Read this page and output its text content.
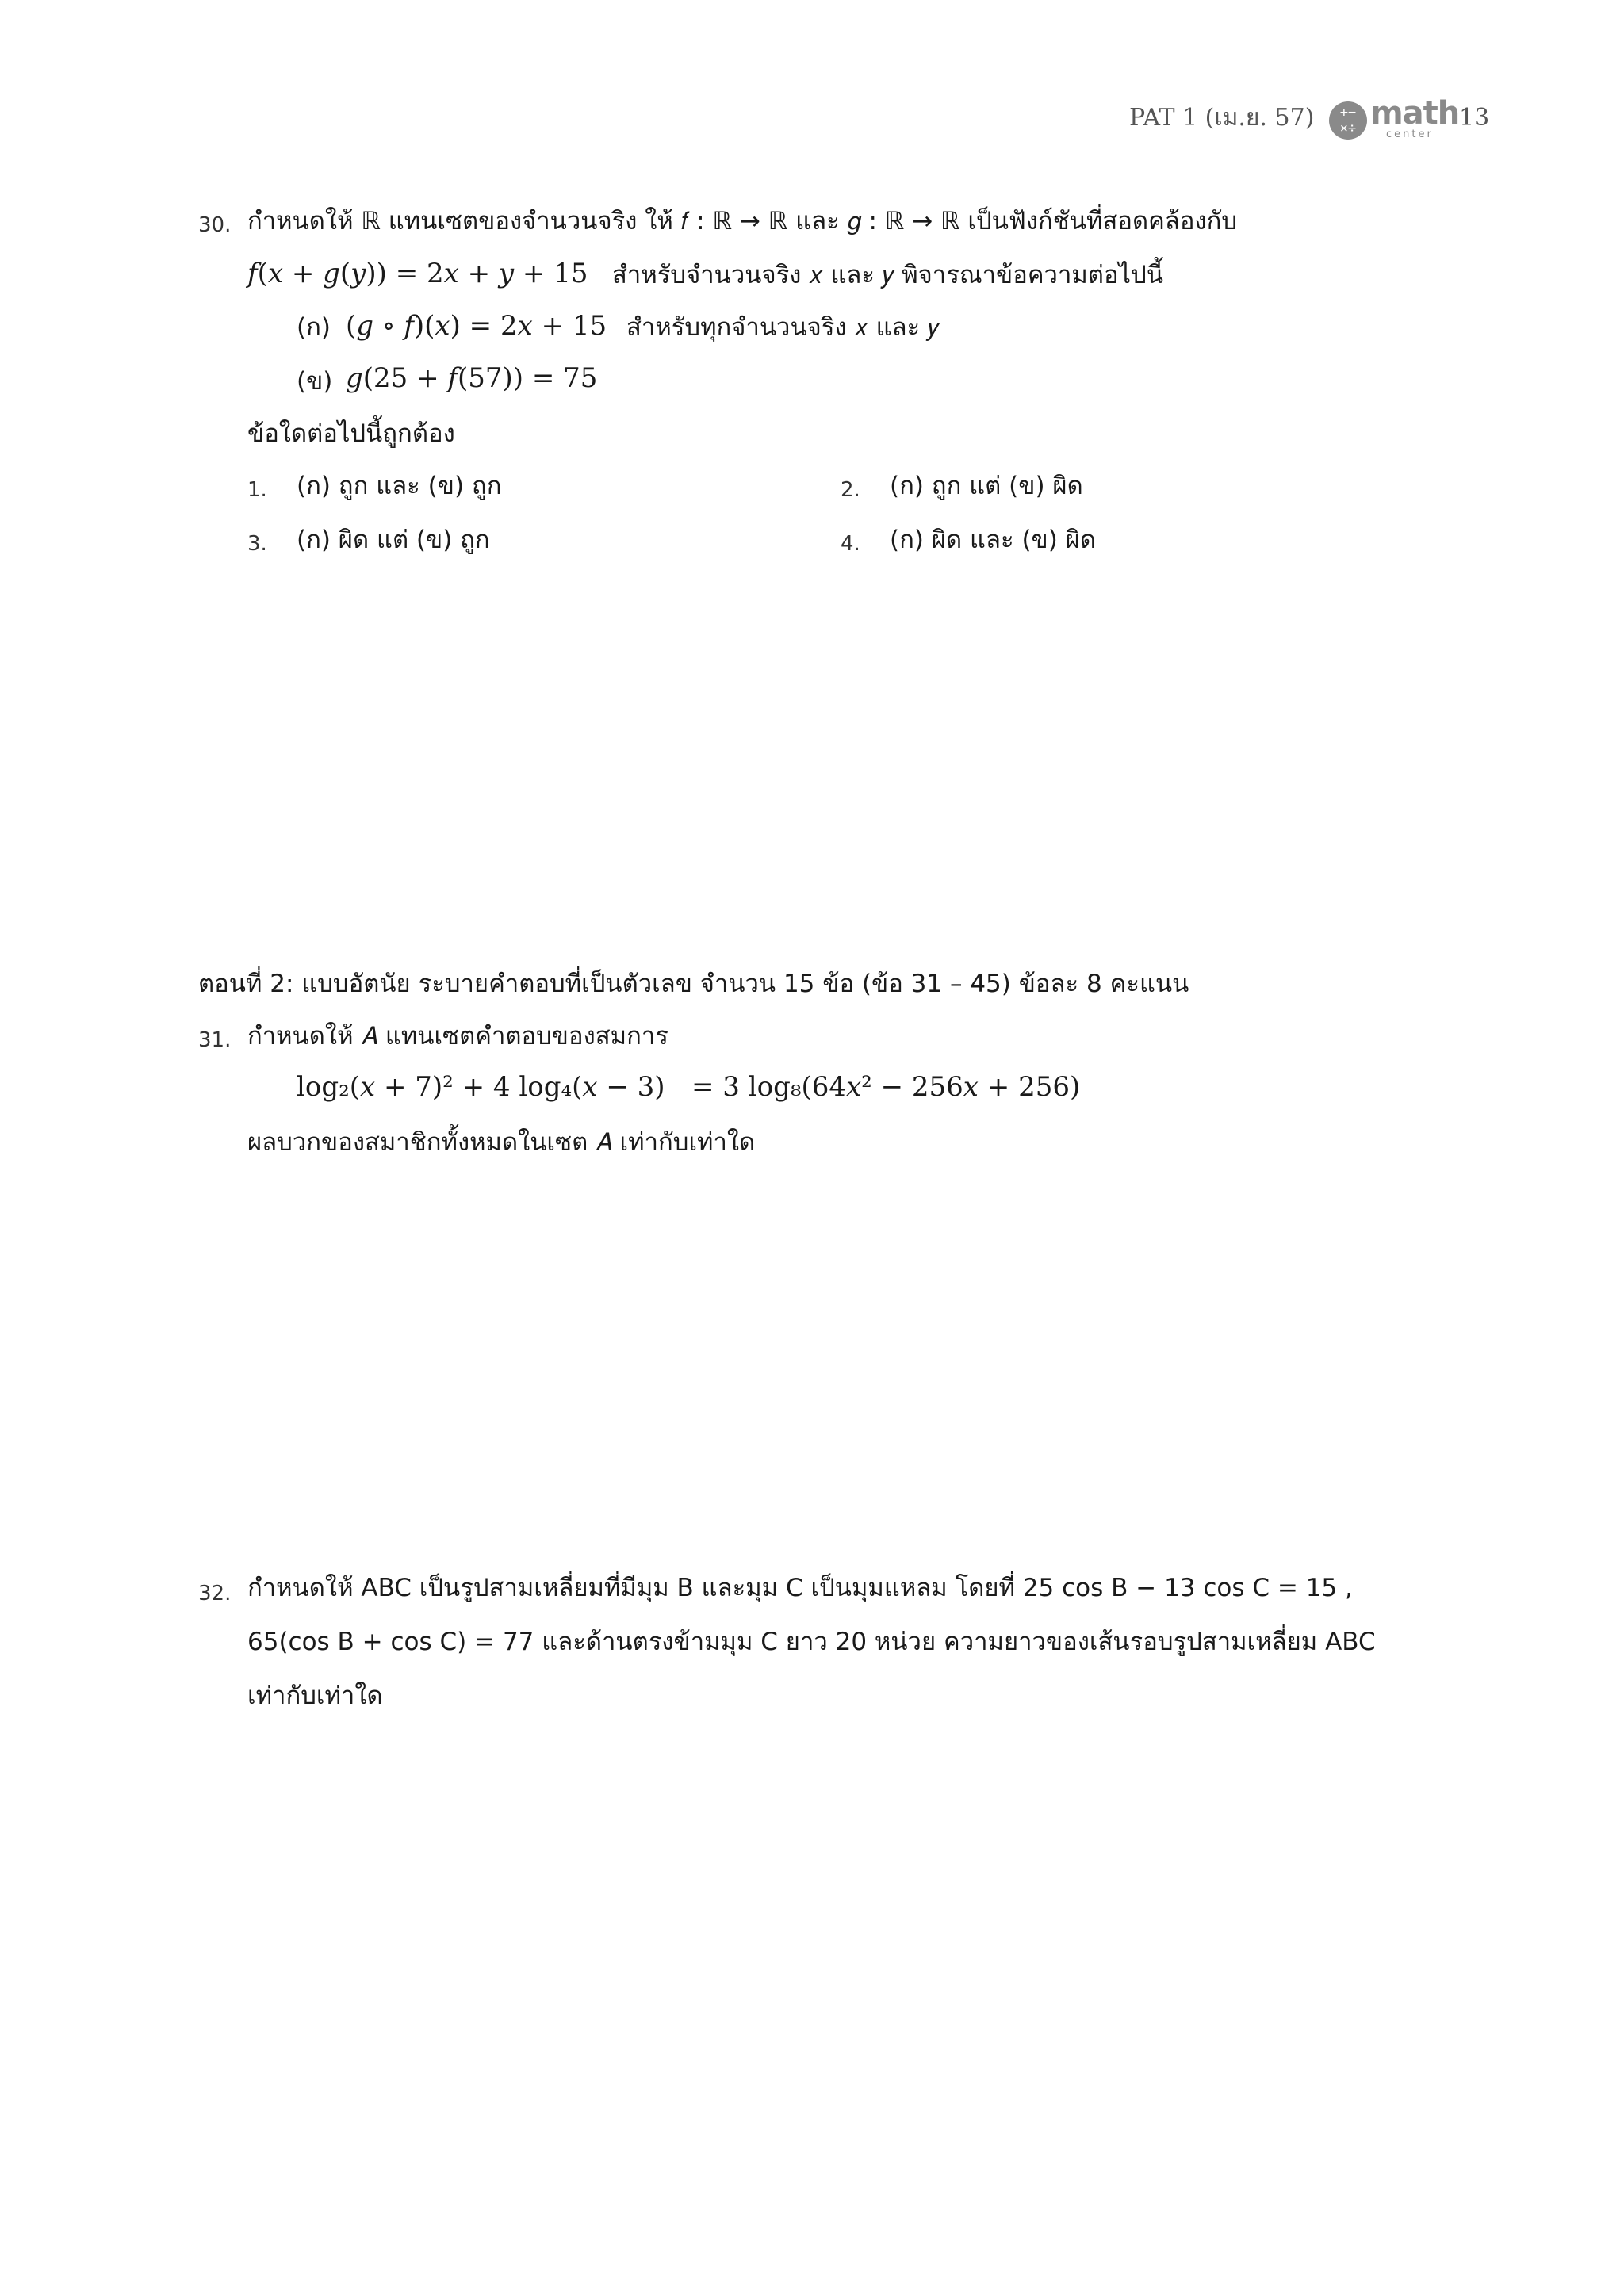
PAT 1 (เม.ย. 57)	+− ×÷ math
center
13
30. กำหนดให้ ℝ แทนเซตของจำนวนจริง ให้ 𝑓 : ℝ → ℝ และ 𝑔 : ℝ → ℝ เป็นฟังก์ชันที่สอดคล้องกับ
𝑓(𝑥 + 𝑔(𝑦)) = 2𝑥 + 𝑦 + 15 สำหรับจำนวนจริง 𝑥 และ 𝑦 พิจารณาข้อความต่อไปนี้
(ก) (𝑔 ∘ 𝑓)(𝑥) = 2𝑥 + 15 สำหรับทุกจำนวนจริง 𝑥 และ 𝑦
(ข) 𝑔(25 + 𝑓(57)) = 75
ข้อใดต่อไปนี้ถูกต้อง
1. (ก) ถูก และ (ข) ถูก	2. (ก) ถูก แต่ (ข) ผิด
3. (ก) ผิด แต่ (ข) ถูก	4. (ก) ผิด และ (ข) ผิด
ตอนที่ 2: แบบอัตนัย ระบายคำตอบที่เป็นตัวเลข จำนวน 15 ข้อ (ข้อ 31 – 45) ข้อละ 8 คะแนน
31. กำหนดให้ 𝐴 แทนเซตคำตอบของสมการ
log₂(𝑥 + 7)² + 4 log₄(𝑥 − 3) = 3 log₈(64𝑥² − 256𝑥 + 256)
ผลบวกของสมาชิกทั้งหมดในเซต 𝐴 เท่ากับเท่าใด
32. กำหนดให้ ABC เป็นรูปสามเหลี่ยมที่มีมุม B และมุม C เป็นมุมแหลม โดยที่ 25 cos B − 13 cos C = 15 ,
65(cos B + cos C) = 77 และด้านตรงข้ามมุม C ยาว 20 หน่วย ความยาวของเส้นรอบรูปสามเหลี่ยม ABC
เท่ากับเท่าใด
